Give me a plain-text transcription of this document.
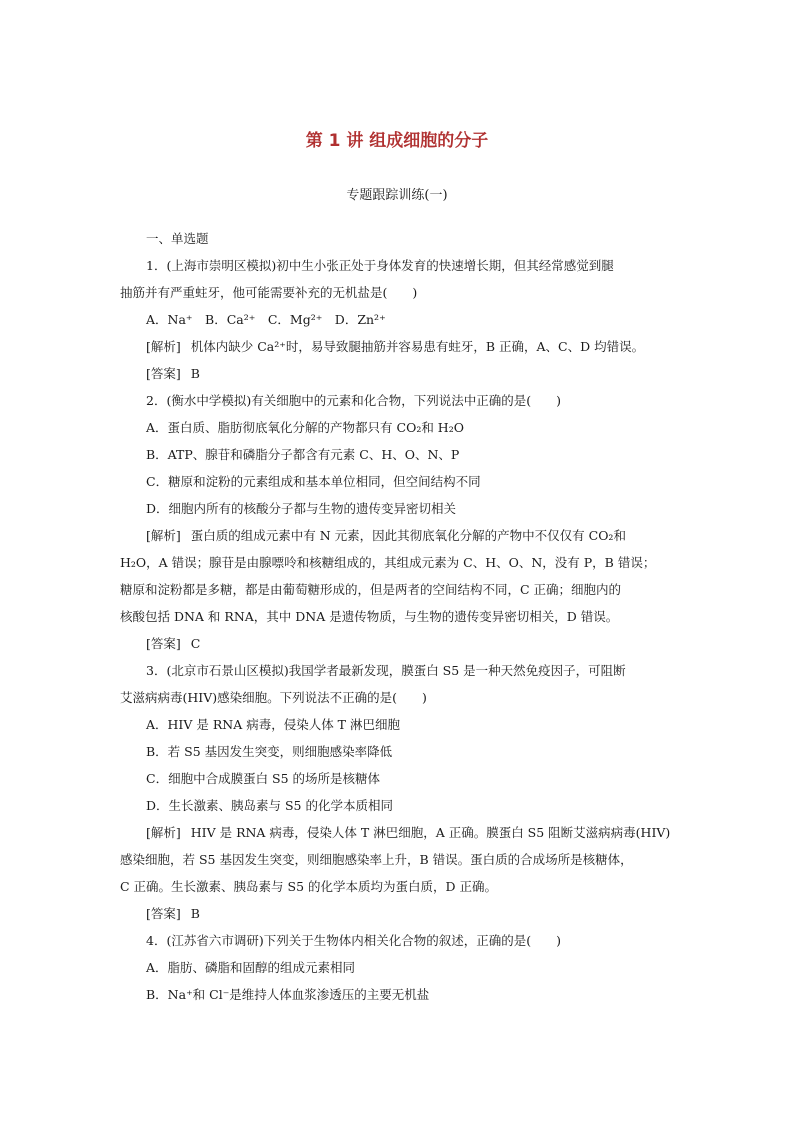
第 1 讲 组成细胞的分子
专题跟踪训练(一)
一、单选题
1．(上海市崇明区模拟)初中生小张正处于身体发育的快速增长期，但其经常感觉到腿
抽筋并有严重蛀牙，他可能需要补充的无机盐是(　　)
A．Na⁺　B．Ca²⁺　C．Mg²⁺　D．Zn²⁺
[解析] 机体内缺少 Ca²⁺时，易导致腿抽筋并容易患有蛀牙，B 正确，A、C、D 均错误。
[答案] B
2．(衡水中学模拟)有关细胞中的元素和化合物，下列说法中正确的是(　　)
A．蛋白质、脂肪彻底氧化分解的产物都只有 CO₂和 H₂O
B．ATP、腺苷和磷脂分子都含有元素 C、H、O、N、P
C．糖原和淀粉的元素组成和基本单位相同，但空间结构不同
D．细胞内所有的核酸分子都与生物的遗传变异密切相关
[解析] 蛋白质的组成元素中有 N 元素，因此其彻底氧化分解的产物中不仅仅有 CO₂和
H₂O，A 错误；腺苷是由腺嘌呤和核糖组成的，其组成元素为 C、H、O、N，没有 P，B 错误；
糖原和淀粉都是多糖，都是由葡萄糖形成的，但是两者的空间结构不同，C 正确；细胞内的
核酸包括 DNA 和 RNA，其中 DNA 是遗传物质，与生物的遗传变异密切相关，D 错误。
[答案] C
3．(北京市石景山区模拟)我国学者最新发现，膜蛋白 S5 是一种天然免疫因子，可阻断
艾滋病病毒(HIV)感染细胞。下列说法不正确的是(　　)
A．HIV 是 RNA 病毒，侵染人体 T 淋巴细胞
B．若 S5 基因发生突变，则细胞感染率降低
C．细胞中合成膜蛋白 S5 的场所是核糖体
D．生长激素、胰岛素与 S5 的化学本质相同
[解析] HIV 是 RNA 病毒，侵染人体 T 淋巴细胞，A 正确。膜蛋白 S5 阻断艾滋病病毒(HIV)
感染细胞，若 S5 基因发生突变，则细胞感染率上升，B 错误。蛋白质的合成场所是核糖体，
C 正确。生长激素、胰岛素与 S5 的化学本质均为蛋白质，D 正确。
[答案] B
4．(江苏省六市调研)下列关于生物体内相关化合物的叙述，正确的是(　　)
A．脂肪、磷脂和固醇的组成元素相同
B．Na⁺和 Cl⁻是维持人体血浆渗透压的主要无机盐
